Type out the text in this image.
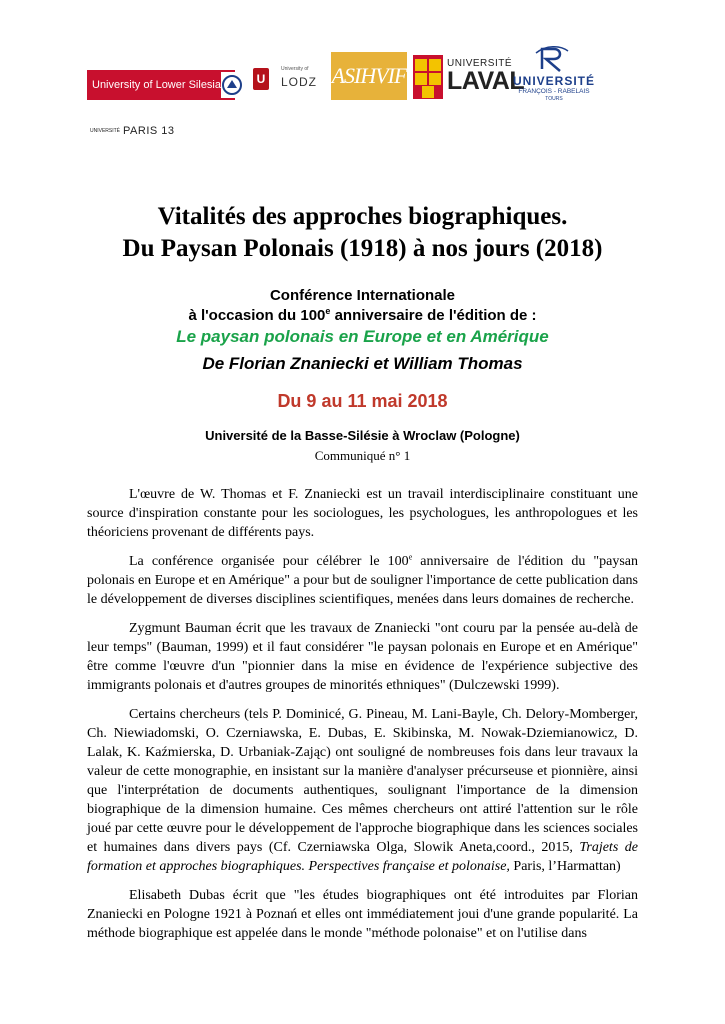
University of Lower Silesia	U
University of
LODZ ASIHVIF	UNIVERSITÉ
LAVAL
UNIVERSITÉ
FRANÇOIS - RABELAIS
TOURS
UNIVERSITÉ PARIS 13
Vitalités des approches biographiques.
Du Paysan Polonais (1918) à nos jours (2018)
Conférence Internationale
à l'occasion du 100e anniversaire de l'édition de :
Le paysan polonais en Europe et en Amérique
De Florian Znaniecki et William Thomas
Du 9 au 11 mai 2018
Université de la Basse-Silésie à Wroclaw (Pologne)
Communiqué n° 1

L'œuvre de W. Thomas et F. Znaniecki est un travail interdisciplinaire constituant une source d'inspiration constante pour les sociologues, les psychologues, les anthropologues et les théoriciens provenant de différents pays.

La conférence organisée pour célébrer le 100e anniversaire de l'édition du "paysan polonais en Europe et en Amérique" a pour but de souligner l'importance de cette publication dans le développement de diverses disciplines scientifiques, menées dans leurs domaines de recherche.

Zygmunt Bauman écrit que les travaux de Znaniecki "ont couru par la pensée au-delà de leur temps" (Bauman, 1999) et il faut considérer "le paysan polonais en Europe et en Amérique" être comme l'œuvre d'un "pionnier dans la mise en évidence de l'expérience subjective des immigrants polonais et d'autres groupes de minorités ethniques" (Dulczewski 1999).

Certains chercheurs (tels P. Dominicé, G. Pineau, M. Lani-Bayle, Ch. Delory-Momberger, Ch. Niewiadomski, O. Czerniawska, E. Dubas, E. Skibinska, M. Nowak-Dziemianowicz, D. Lalak, K. Kaźmierska, D. Urbaniak-Zając) ont souligné de nombreuses fois dans leur travaux la valeur de cette monographie, en insistant sur la manière d'analyser précurseuse et pionnière, ainsi que l'interprétation de documents authentiques, soulignant l'importance de la dimension biographique de la dimension humaine. Ces mêmes chercheurs ont attiré l'attention sur le rôle joué par cette œuvre pour le développement de l'approche biographique dans les sciences sociales et humaines dans divers pays (Cf. Czerniawska Olga, Slowik Aneta,coord., 2015, Trajets de formation et approches biographiques. Perspectives française et polonaise, Paris, l’Harmattan)

Elisabeth Dubas écrit que "les études biographiques ont été introduites par Florian Znaniecki en Pologne 1921 à Poznań et elles ont immédiatement joui d'une grande popularité. La méthode biographique est appelée dans le monde "méthode polonaise" et on l'utilise dans
